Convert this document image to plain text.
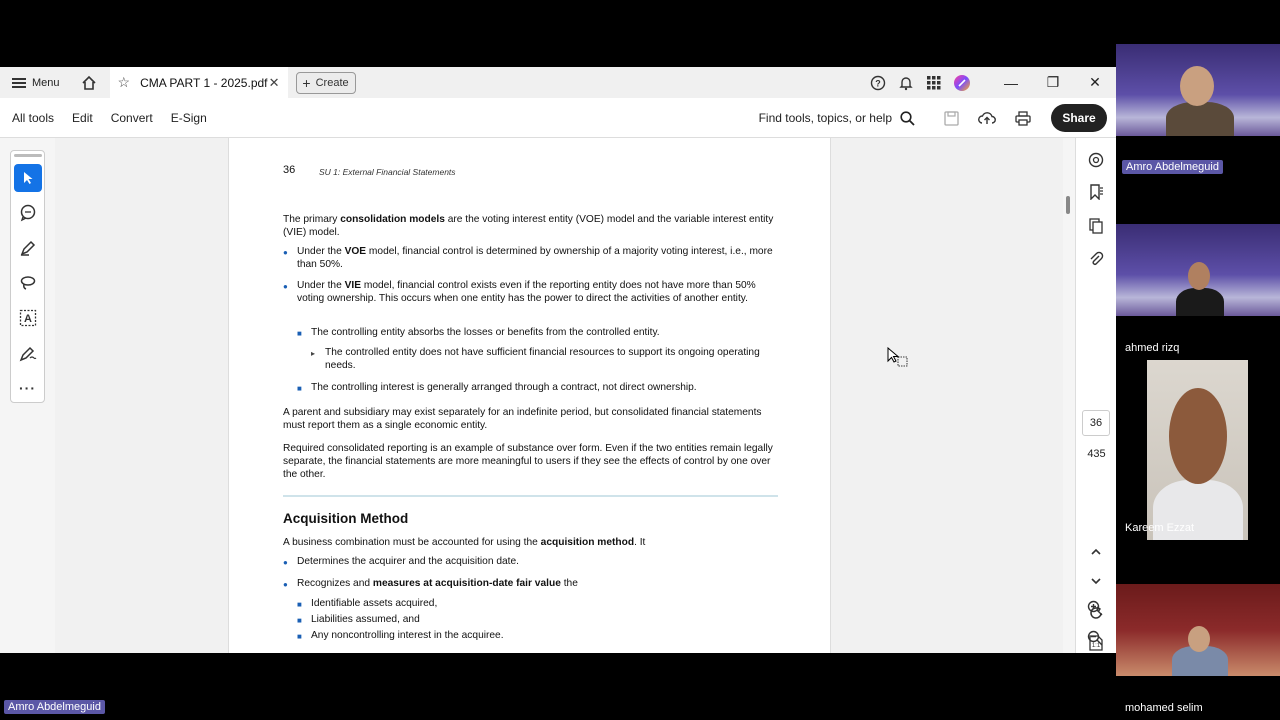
Menu	☆ CMA PART 1 - 2025.pdf ✕ + Create	?	—	❐	✕
All tools Edit Convert E-Sign	Find tools, topics, or help	Share
A
···
36	SU 1: External Financial Statements
The primary consolidation models are the voting interest entity (VOE) model and the variable interest entity (VIE) model.
● Under the VOE model, financial control is determined by ownership of a majority voting interest, i.e., more than 50%.
● Under the VIE model, financial control exists even if the reporting entity does not have more than 50% voting ownership. This occurs when one entity has the power to direct the activities of another entity.
■ The controlling entity absorbs the losses or benefits from the controlled entity.
▸ The controlled entity does not have sufficient financial resources to support its ongoing operating needs.
■ The controlling interest is generally arranged through a contract, not direct ownership.
A parent and subsidiary may exist separately for an indefinite period, but consolidated financial statements must report them as a single economic entity.
Required consolidated reporting is an example of substance over form. Even if the two entities remain legally separate, the financial statements are more meaningful to users if they see the effects of control by one over the other.
Acquisition Method
A business combination must be accounted for using the acquisition method. It
● Determines the acquirer and the acquisition date.
● Recognizes and measures at acquisition-date fair value the
■ Identifiable assets acquired,
■ Liabilities assumed, and
■ Any noncontrolling interest in the acquiree.
36
435
1:1
Amro Abdelmeguid
ahmed rizq
Kareem Ezzat
mohamed selim
Amro Abdelmeguid
